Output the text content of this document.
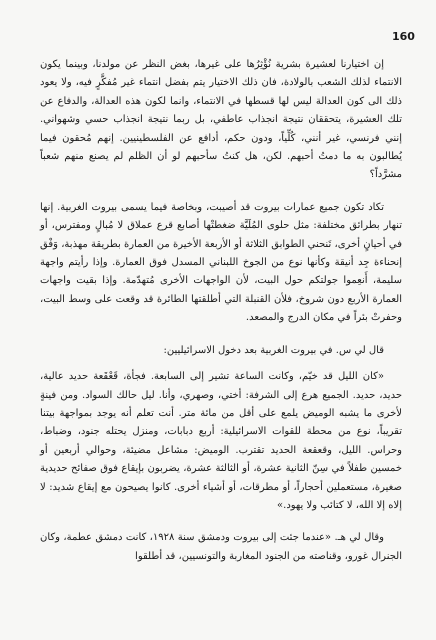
160

إن اختيارنا لعشيرة بشرية نُؤْثِرُها على غيرها، بغض النظر عن مولدنا، وبينما يكون الانتماء لذلك الشعب بالولادة، فان ذلك الاختيار يتم بفضل انتماء غير مُفكَّرٍ فيه، ولا يعود ذلك الى كون العدالة ليس لها قسطها في الانتماء، وانما لكون هذه العدالة، والدفاع عن تلك العشيرة، يتحققان نتيجة انجذاب عاطفي، بل ربما نتيجة انجذاب حسي وشهواني. إنني فرنسي، غير أنني، كُلِّياً، ودون حكم، أدافع عن الفلسطينيين. إنهم مُحقون فيما يُطالبون به ما دمتُ أحبهم. لكن، هل كنتُ سأحبهم لو أن الظلم لم يصنع منهم شعباً مشرَّداً؟

تكاد تكون جميع عمارات بيروت قد أصيبت، وبخاصة فيما يسمى بيروت الغربية. إنها تنهار بطرائق مختلفة: مثل حلوى ﺍﻟﻤُﻠَﻴَّﺔ ضغطتْها أصابع قرع عملاق لا مُبالٍ ومفترس، أو في أحيانٍ أخرى، تَنحني الطوابق الثلاثة أو الأربعة الأخيرة من العمارة بطريقة مهذبة، وَفْق إنحناءة جِد أنيقة وكأنها نوع من الجوخ اللبناني المسدل فوق العمارة. وإذا رأيتم واجهة سليمة، أَنعِموا جولتكم حول البيت، لأن الواجهات الأخرى مُتهدّمة. وإذا بقيت واجهات العمارة الأربع دون شروخ، فلأن القنبلة التي أطلقتها الطائرة قد وقعت على وسط البيت، وحفرتْ بئراً في مكان الدرج والمصعد.

قال لي س. في بيروت الغربية بعد دخول الاسرائيليين:

«كان الليل قد خيّم، وكانت الساعة تشير إلى السابعة. فجأة، قَعْقَعة حديد عالية، حديد، حديد. الجميع هرع إلى الشرفة: أختي، وصهري، وأنا. ليل حالك السواد. ومن فينةٍ لأخرى ما يشبه الوميض يلمع على أقل من مائة متر. أنت تعلم أنه يوجد بمواجهة بيتنا تقريباً، نوع من محطة للقوات الاسرائيلية: أربع دبابات، ومنزل يحتله جنود، وضباط، وحراس. الليل، وقعقعة الحديد تقترب. الوميض: مشاعل مضيئة، وحوالي أربعين أو خمسين طفلاً في سِنّ الثانية عشرة، أو الثالثة عشرة، يضربون بإيقاع فوق صفائح حديدية صغيرة، مستعملين أحجاراً، أو مطرقات، أو أشياء أخرى. كانوا يصيحون مع إيقاع شديد: لا إلاه إلا الله، لا كتائب ولا يهود.»

وقال لي هـ. «عندما جئت إلى بيروت ودمشق سنة ١٩٢٨، كانت دمشق عطمة، وكان الجنرال غورو، وقناصته من الجنود المغاربة والتونسيين، قد أطلقوا
